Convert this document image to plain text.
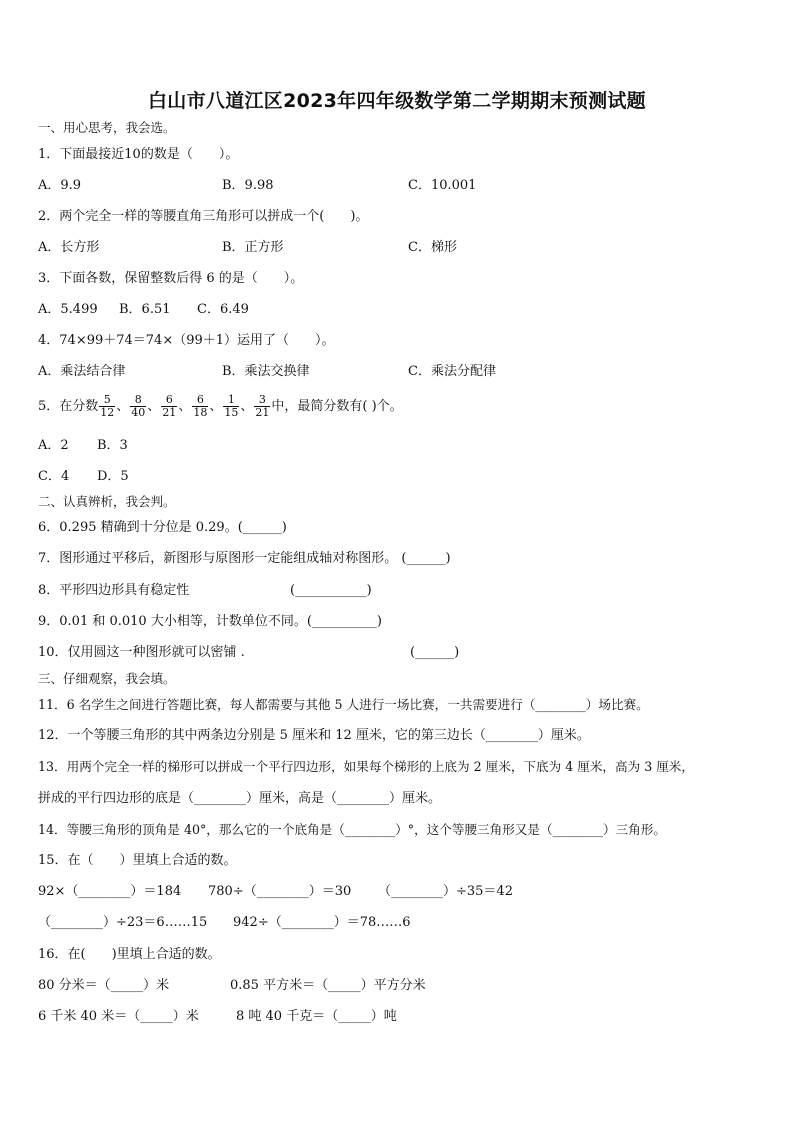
白山市八道江区2023年四年级数学第二学期期末预测试题
一、用心思考，我会选。
1．下面最接近10的数是（　　）。
A．9.9	B．9.98	C．10.001
2．两个完全一样的等腰直角三角形可以拼成一个(　　)。
A．长方形	B．正方形	C．梯形
3．下面各数，保留整数后得 6 的是（　　）。
A．5.499 B．6.51 C．6.49
4．74×99＋74＝74×（99＋1）运用了（　　）。
A．乘法结合律	B．乘法交换律	C．乘法分配律
5．在分数 $\frac{5}{12}$ 、 $\frac{8}{40}$ 、 $\frac{6}{21}$ 、 $\frac{6}{18}$ 、 $\frac{1}{15}$ 、 $\frac{3}{21}$ 中，最简分数有( )个。
A．2 B．3
C．4 D．5
二、认真辨析，我会判。
6．0.295 精确到十分位是 0.29。(______)
7．图形通过平移后，新图形与原图形一定能组成轴对称图形。 (______)
8．平形四边形具有稳定性	(___________)
9．0.01 和 0.010 大小相等，计数单位不同。(__________)
10．仅用圆这一种图形就可以密铺 .	(______)
三、仔细观察，我会填。
11．6 名学生之间进行答题比赛，每人都需要与其他 5 人进行一场比赛，一共需要进行（________）场比赛。
12．一个等腰三角形的其中两条边分别是 5 厘米和 12 厘米，它的第三边长（________）厘米。
13．用两个完全一样的梯形可以拼成一个平行四边形，如果每个梯形的上底为 2 厘米，下底为 4 厘米，高为 3 厘米，
拼成的平行四边形的底是（________）厘米，高是（________）厘米。
14．等腰三角形的顶角是 40°，那么它的一个底角是（________）°，这个等腰三角形又是（________）三角形。
15．在（　　）里填上合适的数。
92×（________）＝184 780÷（________）＝30 （________）÷35＝42
（________）÷23＝6……15 942÷（________）＝78……6
16．在(　　)里填上合适的数。
80 分米＝（_____）米	0.85 平方米＝（_____）平方分米
6 千米 40 米＝（_____）米	8 吨 40 千克＝（_____）吨
